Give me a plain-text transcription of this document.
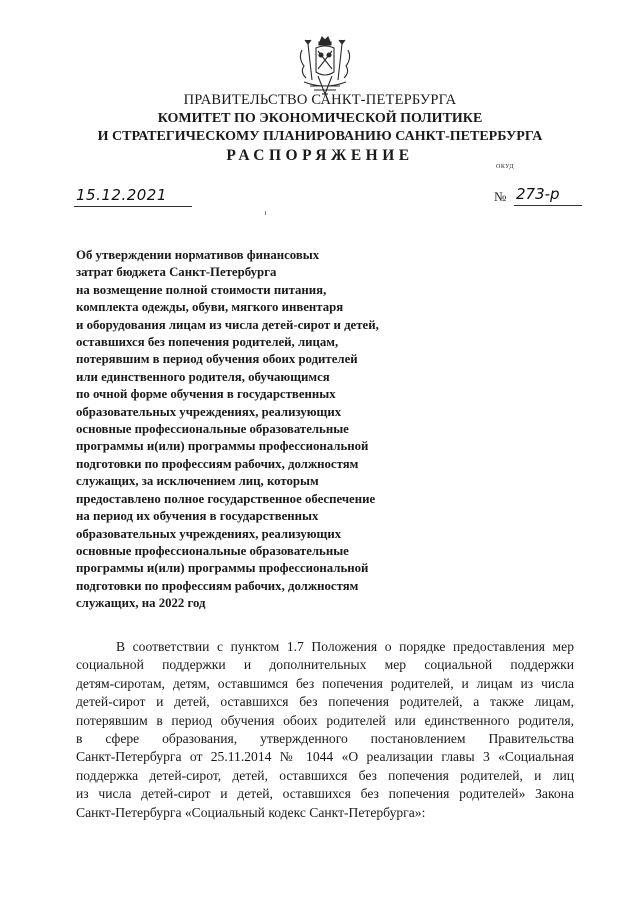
ПРАВИТЕЛЬСТВО САНКТ-ПЕТЕРБУРГА
КОМИТЕТ ПО ЭКОНОМИЧЕСКОЙ ПОЛИТИКЕ
И СТРАТЕГИЧЕСКОМУ ПЛАНИРОВАНИЮ САНКТ-ПЕТЕРБУРГА
РАСПОРЯЖЕНИЕ
ОКУД
15.12.2021	№ 273-р
Об утверждении нормативов финансовых
затрат бюджета Санкт-Петербурга
на возмещение полной стоимости питания,
комплекта одежды, обуви, мягкого инвентаря
и оборудования лицам из числа детей-сирот и детей,
оставшихся без попечения родителей, лицам,
потерявшим в период обучения обоих родителей
или единственного родителя, обучающимся
по очной форме обучения в государственных
образовательных учреждениях, реализующих
основные профессиональные образовательные
программы и(или) программы профессиональной
подготовки по профессиям рабочих, должностям
служащих, за исключением лиц, которым
предоставлено полное государственное обеспечение
на период их обучения в государственных
образовательных учреждениях, реализующих
основные профессиональные образовательные
программы и(или) программы профессиональной
подготовки по профессиям рабочих, должностям
служащих, на 2022 год
В соответствии с пунктом 1.7 Положения о порядке предоставления мер
социальной поддержки и дополнительных мер социальной поддержки
детям-сиротам, детям, оставшимся без попечения родителей, и лицам из числа
детей-сирот и детей, оставшихся без попечения родителей, а также лицам,
потерявшим в период обучения обоих родителей или единственного родителя,
в сфере образования, утвержденного постановлением Правительства
Санкт-Петербурга от 25.11.2014 № 1044 «О реализации главы 3 «Социальная
поддержка детей-сирот, детей, оставшихся без попечения родителей, и лиц
из числа детей-сирот и детей, оставшихся без попечения родителей» Закона
Санкт-Петербурга «Социальный кодекс Санкт-Петербурга»:
